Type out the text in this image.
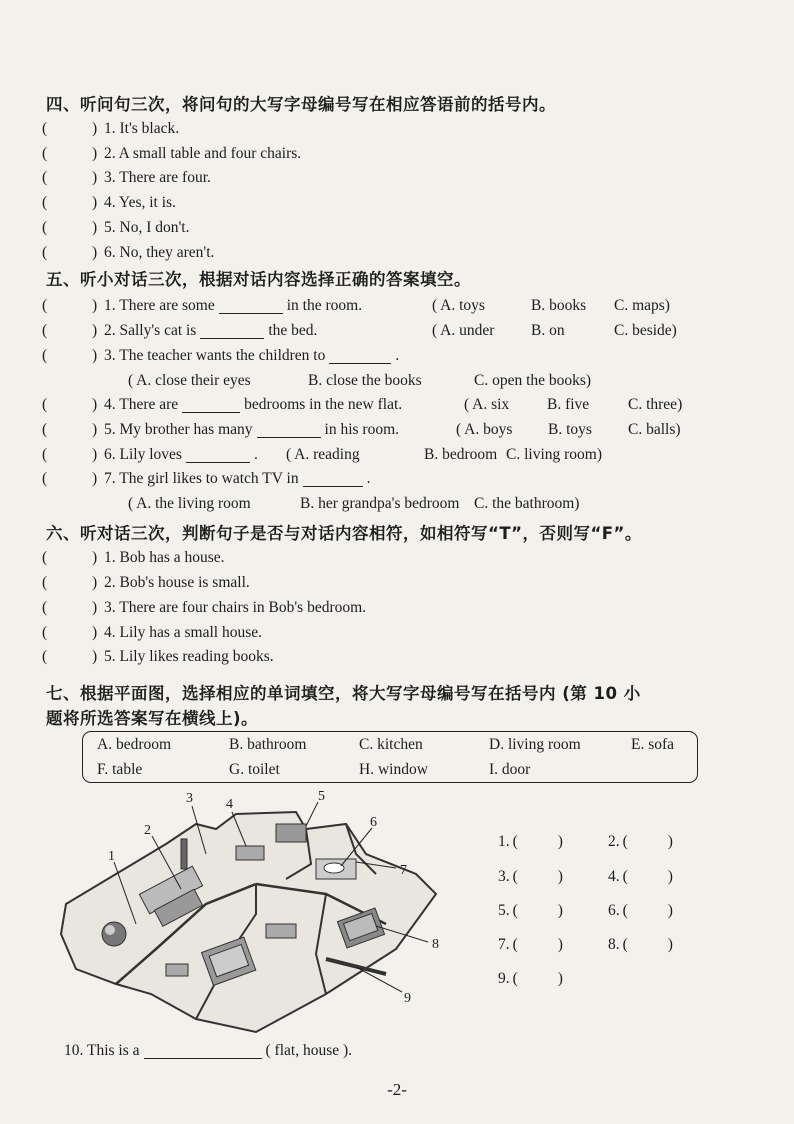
四、听问句三次，将问句的大写字母编号写在相应答语前的括号内。
(	) 1. It's black.
(	) 2. A small table and four chairs.
(	) 3. There are four.
(	) 4. Yes, it is.
(	) 5. No, I don't.
(	) 6. No, they aren't.
五、听小对话三次，根据对话内容选择正确的答案填空。
(	) 1. There are some	in the room.	( A. toys	B. books C. maps)
(	) 2. Sally's cat is	the bed.	( A. under B. on	C. beside)
(	) 3. The teacher wants the children to	.
( A. close their eyes	B. close the books	C. open the books)
(	) 4. There are	bedrooms in the new flat.	( A. six B. five	C. three)
(	) 5. My brother has many	in his room.	( A. boys B. toys C. balls)
(	) 6. Lily loves	. ( A. reading	B. bedroom C. living room)
(	) 7. The girl likes to watch TV in	.
( A. the living room	B. her grandpa's bedroom C. the bathroom)
六、听对话三次，判断句子是否与对话内容相符，如相符写“T”，否则写“F”。
(	) 1. Bob has a house.
(	) 2. Bob's house is small.
(	) 3. There are four chairs in Bob's bedroom.
(	) 4. Lily has a small house.
(	) 5. Lily likes reading books.
七、根据平面图，选择相应的单词填空，将大写字母编号写在括号内 (第 10 小
题将所选答案写在横线上)。
A. bedroom	B. bathroom	C. kitchen	D. living room	E. sofa
F. table	G. toilet	H. window	I. door
1
2
3 4
5
6
7
8
9
1. (	)	2. (	)
3. (	)	4. (	)
5. (	)	6. (	)
7. (	)	8. (	)
9. (	)
10. This is a	( flat, house ).
-2-
